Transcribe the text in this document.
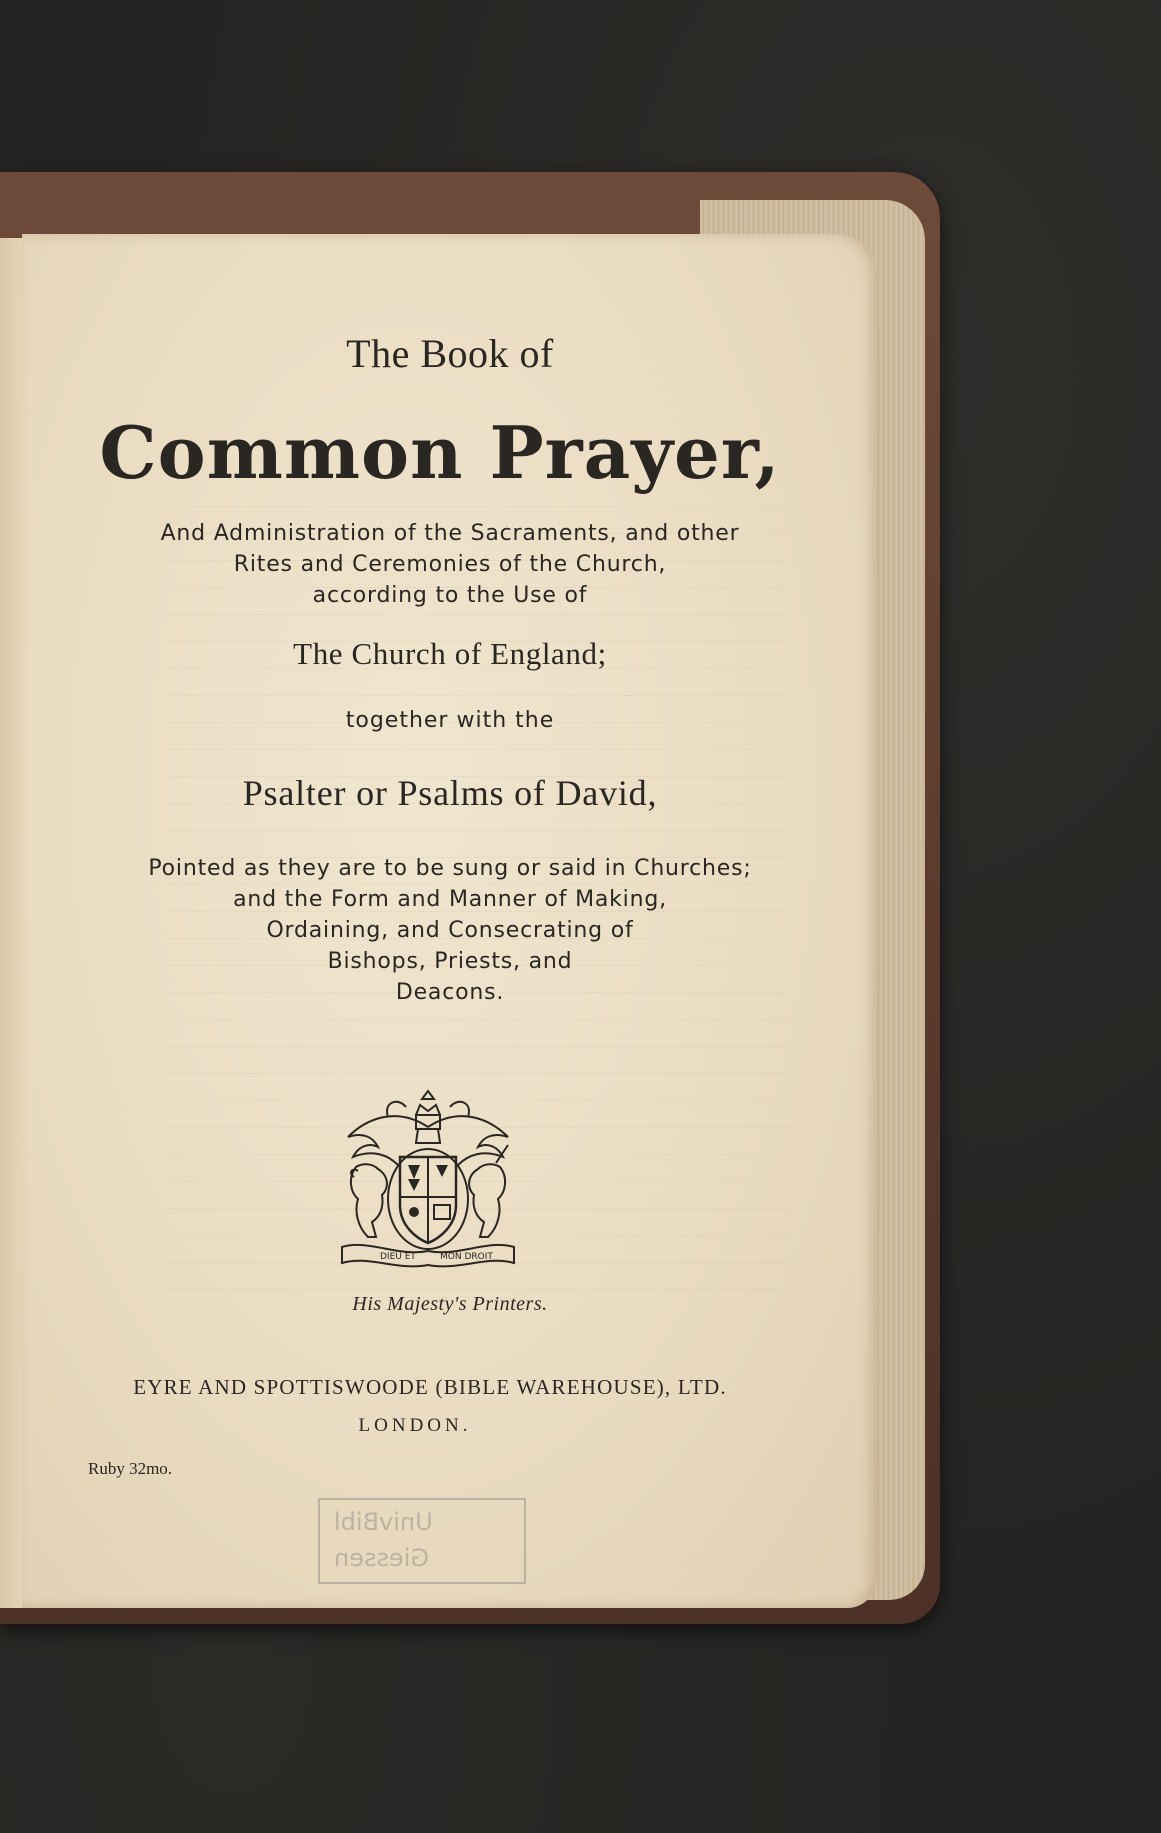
The Book of
Common Prayer,
And Administration of the Sacraments, and other
Rites and Ceremonies of the Church,
according to the Use of
The Church of England;
together with the
Psalter or Psalms of David,
Pointed as they are to be sung or said in Churches;
and the Form and Manner of Making,
Ordaining, and Consecrating of
Bishops, Priests, and
Deacons.
DIEU ET	MON DROIT
His Majesty's Printers.
EYRE AND SPOTTISWOODE (BIBLE WAREHOUSE), LTD.
LONDON.
Ruby 32mo.
UnivBibl
Giessen
